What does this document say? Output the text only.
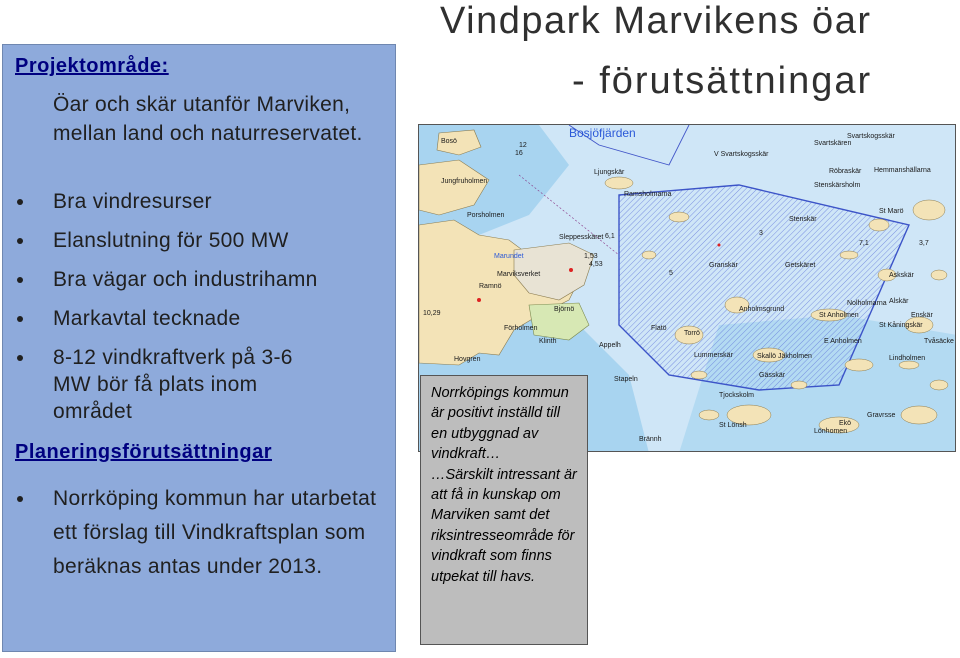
Projektområde:
Öar och skär utanför Marviken, mellan land och naturreservatet.
Bra vindresurser
Elanslutning för 500 MW
Bra vägar och industrihamn
Markavtal tecknade
8-12 vindkraftverk på 3-6 MW bör få plats inom området
Planeringsförutsättningar
Norrköping kommun har utarbetat ett förslag till Vindkraftsplan som beräknas antas under 2013.
Vindpark Marvikens öar
- förutsättningar
Bosjöfjärden
Bosö
Ljungskär
Ramsholmarna
Svartskogsskär
V Svartskogsskär
Svartskären
Röbraskär Hemmanshällarna
Stenskär
Stenskärsholm
St Marö
Jungfruholmen
Porsholmen
Sleppesskäret
Marundet
Marviksverket
Ramnö
Björnö
Förholmen
Klinth
Hovgren
Appelh
Flatö
Torrö
Granskär	Getskäret
Askskär
Alskär
Enskär
Nolholmarna
Anholmsgrund
St Anholmen
E Anholmen
St Kåningskär
Tvåsäcke
Lummerskär	Skallö Jäkholmen
Gässkär
Lindholmen
Stapeln
Tjockskolm
St Lönsh
Lönhomen
Ekö
Gravrsse
Brännh
12
16
6,1
1,53
4,53
10,29
5
3
7,1	3,7

Norrköpings kommun är positivt inställd till en utbyggnad av vindkraft…

…Särskilt intressant är att få in kunskap om Marviken samt det riksintresseområde för vindkraft som finns utpekat till havs.
